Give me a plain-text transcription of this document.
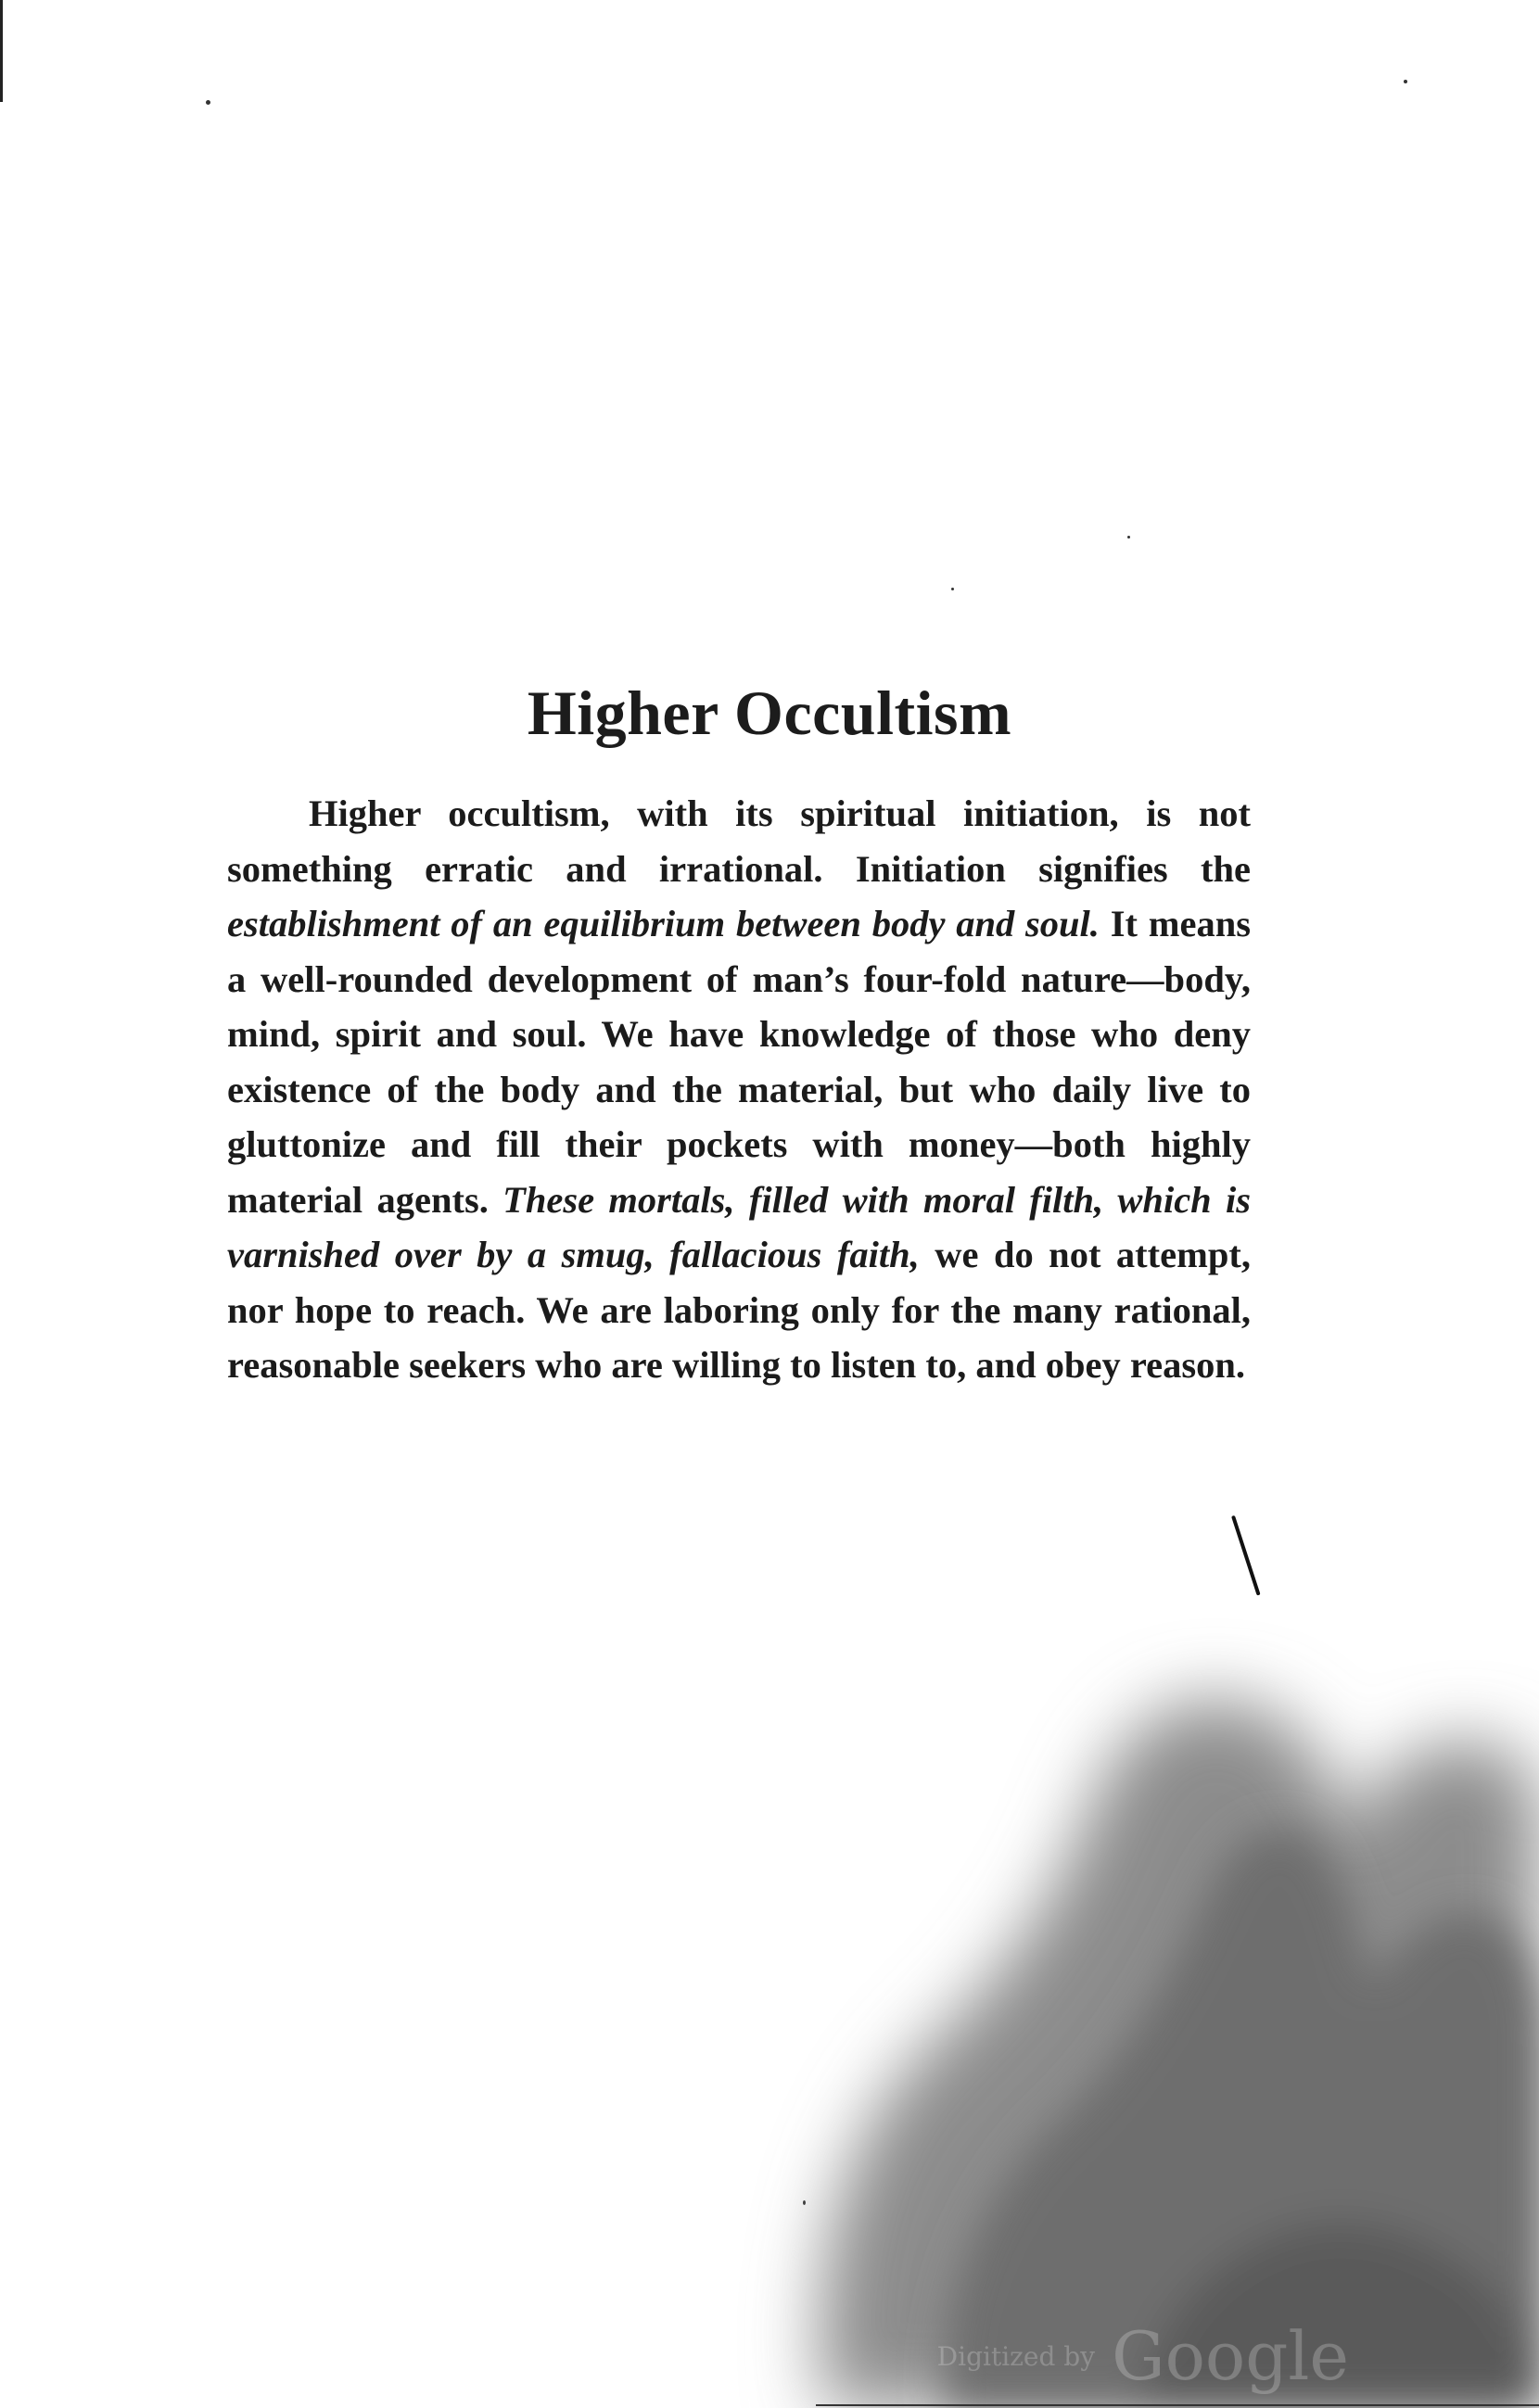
Higher Occultism

Higher occultism, with its spiritual initiation, is not something erratic and irrational. Initiation signifies the establishment of an equilibrium between body and soul. It means a well-rounded development of man’s four-fold nature—body, mind, spirit and soul. We have knowledge of those who deny existence of the body and the material, but who daily live to gluttonize and fill their pockets with money—both highly material agents. These mortals, filled with moral filth, which is varnished over by a smug, fallacious faith, we do not attempt, nor hope to reach. We are laboring only for the many rational, reasonable seekers who are willing to listen to, and obey reason.

Digitized by Google
